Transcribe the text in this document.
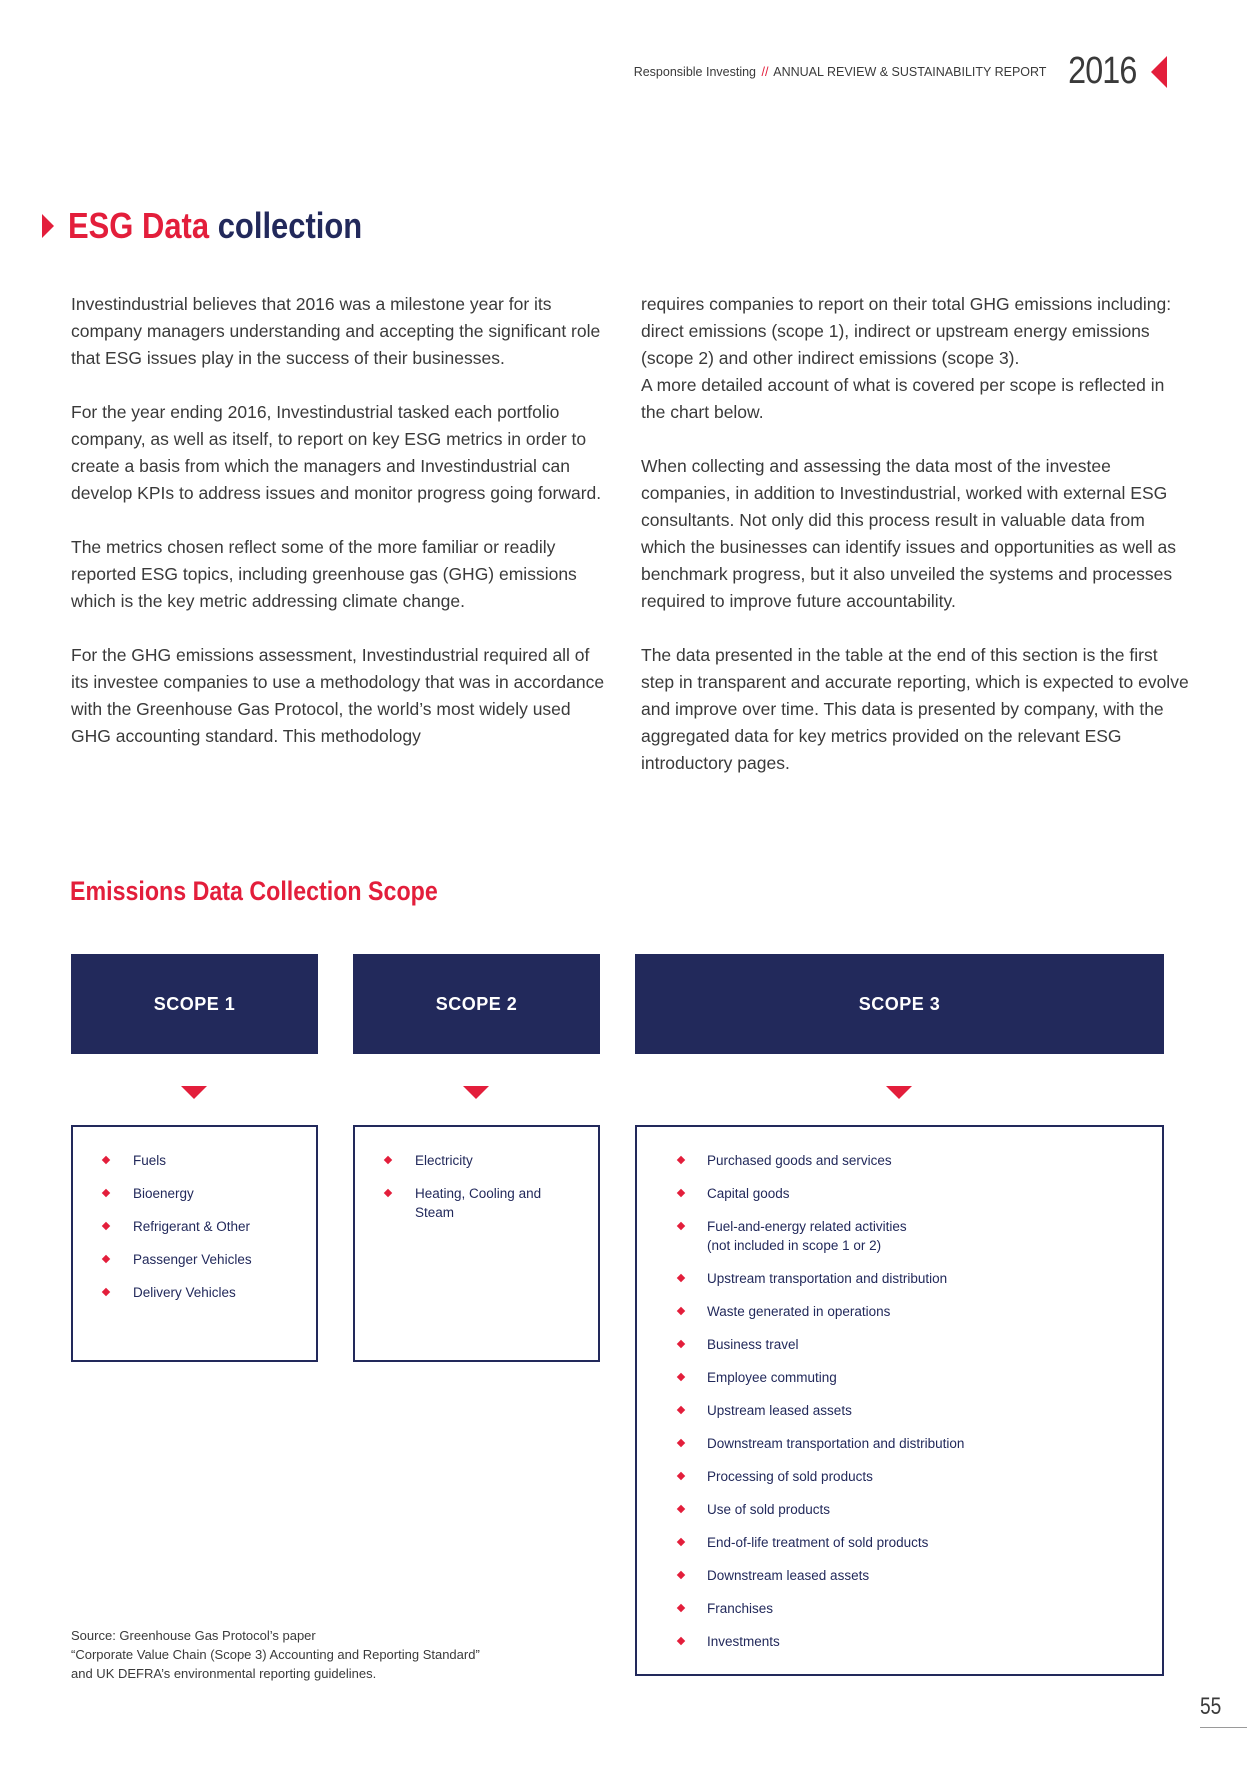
Responsible Investing // ANNUAL REVIEW & SUSTAINABILITY REPORT 2016
ESG Data collection

Investindustrial believes that 2016 was a milestone year for its company managers understanding and accepting the significant role that ESG issues play in the success of their businesses.

For the year ending 2016, Investindustrial tasked each portfolio company, as well as itself, to report on key ESG metrics in order to create a basis from which the managers and Investindustrial can develop KPIs to address issues and monitor progress going forward.

The metrics chosen reflect some of the more familiar or readily reported ESG topics, including greenhouse gas (GHG) emissions which is the key metric addressing climate change.

For the GHG emissions assessment, Investindustrial required all of its investee companies to use a methodology that was in accordance with the Greenhouse Gas Protocol, the world’s most widely used GHG accounting standard. This methodology

requires companies to report on their total GHG emissions including: direct emissions (scope 1), indirect or upstream energy emissions (scope 2) and other indirect emissions (scope 3).

A more detailed account of what is covered per scope is reflected in the chart below.

When collecting and assessing the data most of the investee companies, in addition to Investindustrial, worked with external ESG consultants. Not only did this process result in valuable data from which the businesses can identify issues and opportunities as well as benchmark progress, but it also unveiled the systems and processes required to improve future accountability.

The data presented in the table at the end of this section is the first step in transparent and accurate reporting, which is expected to evolve and improve over time. This data is presented by company, with the aggregated data for key metrics provided on the relevant ESG introductory pages.

Emissions Data Collection Scope
SCOPE 1	SCOPE 2	SCOPE 3
Fuels
Bioenergy
Refrigerant & Other
Passenger Vehicles
Delivery Vehicles
Electricity
Heating, Cooling and Steam
Purchased goods and services
Capital goods
Fuel-and-energy related activities (not included in scope 1 or 2)
Upstream transportation and distribution
Waste generated in operations
Business travel
Employee commuting
Upstream leased assets
Downstream transportation and distribution
Processing of sold products
Use of sold products
End-of-life treatment of sold products
Downstream leased assets
Franchises
Investments
Source: Greenhouse Gas Protocol’s paper
“Corporate Value Chain (Scope 3) Accounting and Reporting Standard”
and UK DEFRA’s environmental reporting guidelines.
55
